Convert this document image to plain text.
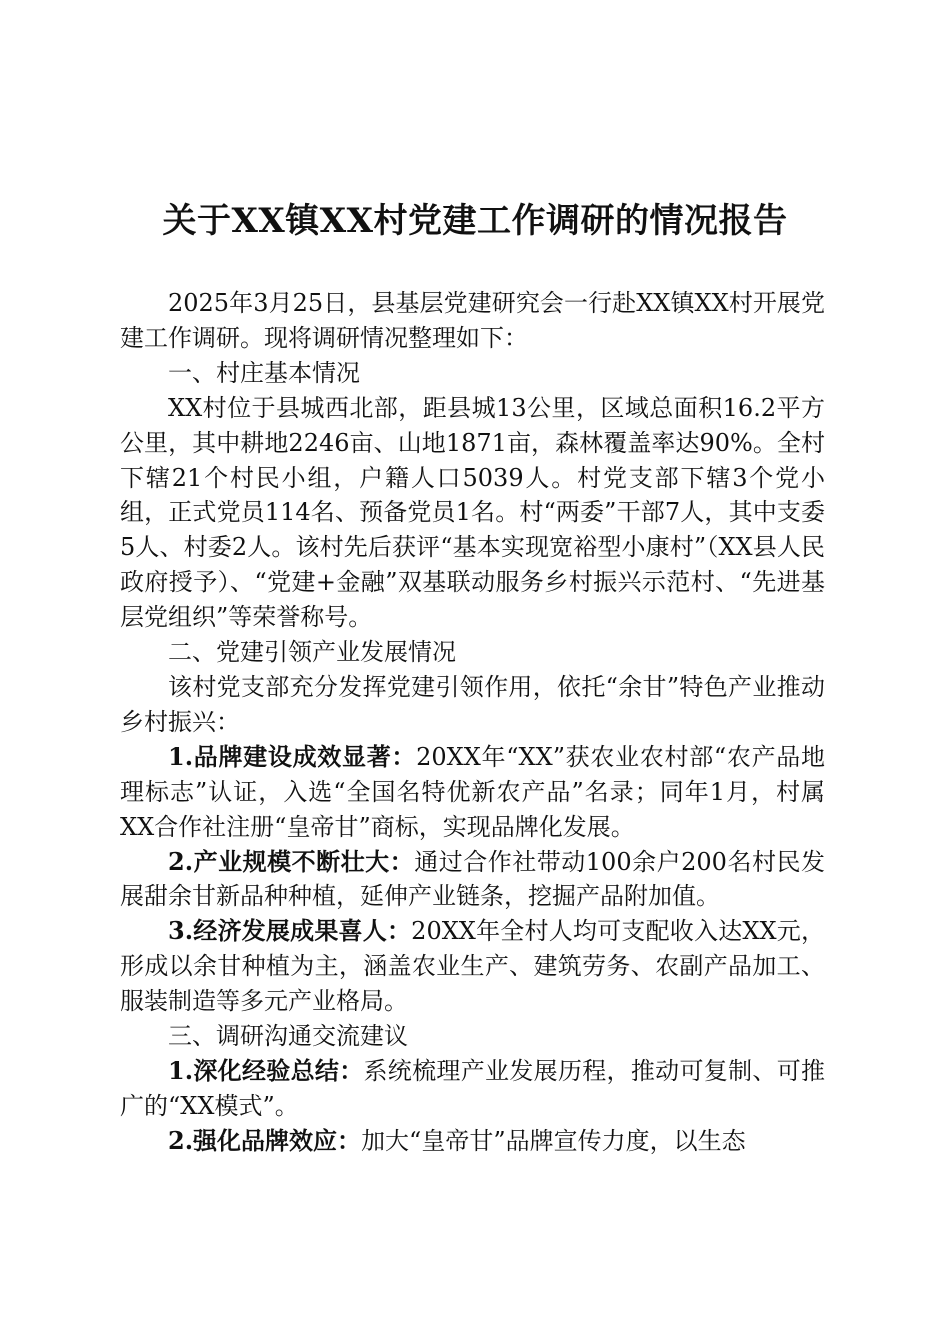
关于XX镇XX村党建工作调研的情况报告

2025年3月25日，县基层党建研究会一行赴XX镇XX村开展党建工作调研。现将调研情况整理如下：

一、村庄基本情况

XX村位于县城西北部，距县城13公里，区域总面积16.2平方公里，其中耕地2246亩、山地1871亩，森林覆盖率达90%。全村下辖21个村民小组，户籍人口5039人。村党支部下辖3个党小组，正式党员114名、预备党员1名。村“两委”干部7人，其中支委5人、村委2人。该村先后获评“基本实现宽裕型小康村”（XX县人民政府授予）、“党建+金融”双基联动服务乡村振兴示范村、“先进基层党组织”等荣誉称号。

二、党建引领产业发展情况

该村党支部充分发挥党建引领作用，依托“余甘”特色产业推动乡村振兴：

1.品牌建设成效显著：20XX年“XX”获农业农村部“农产品地理标志”认证，入选“全国名特优新农产品”名录；同年1月，村属XX合作社注册“皇帝甘”商标，实现品牌化发展。

2.产业规模不断壮大：通过合作社带动100余户200名村民发展甜余甘新品种种植，延伸产业链条，挖掘产品附加值。

3.经济发展成果喜人：20XX年全村人均可支配收入达XX元，形成以余甘种植为主，涵盖农业生产、建筑劳务、农副产品加工、服装制造等多元产业格局。

三、调研沟通交流建议

1.深化经验总结：系统梳理产业发展历程，推动可复制、可推广的“XX模式”。

2.强化品牌效应：加大“皇帝甘”品牌宣传力度，以生态
